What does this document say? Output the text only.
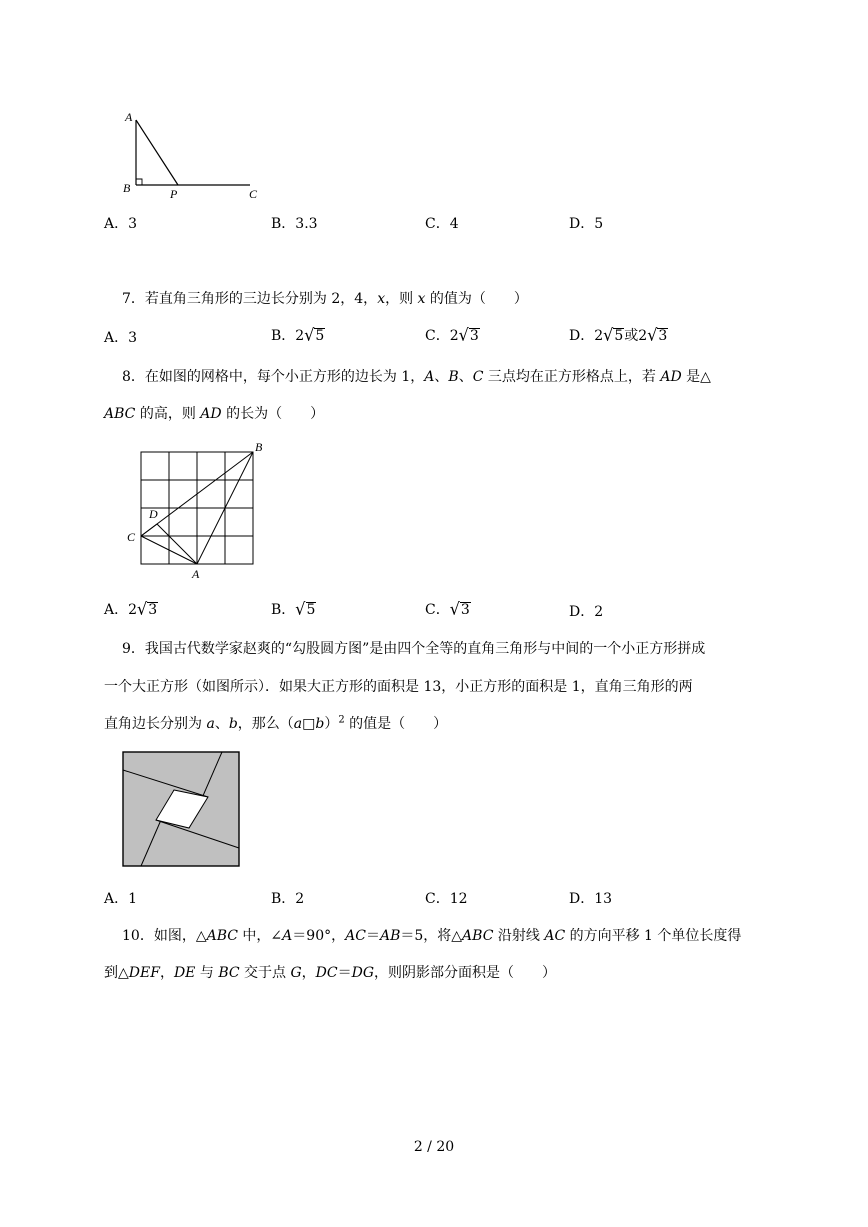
A
B	P	C
A．3	B．3.3	C．4	D．5
7．若直角三角形的三边长分别为 2，4，x，则 x 的值为（　　）
A．3	B．2√5	C．2√3	D．2√5或2√3
8．在如图的网格中，每个小正方形的边长为 1，A、B、C 三点均在正方形格点上，若 AD 是△
ABC 的高，则 AD 的长为（　　）
B
D
C
A
A．2√3	B．√5	C．√3	D．2
9．我国古代数学家赵爽的“勾股圆方图”是由四个全等的直角三角形与中间的一个小正方形拼成
一个大正方形（如图所示）．如果大正方形的面积是 13，小正方形的面积是 1，直角三角形的两
直角边长分别为 a、b，那么（a□b）$^2$ 的值是（　　）
A．1	B．2	C．12	D．13
10．如图，△ABC 中，∠A＝90°，AC＝AB＝5，将△ABC 沿射线 AC 的方向平移 1 个单位长度得
到△DEF，DE 与 BC 交于点 G，DC＝DG，则阴影部分面积是（　　）
2 / 20
